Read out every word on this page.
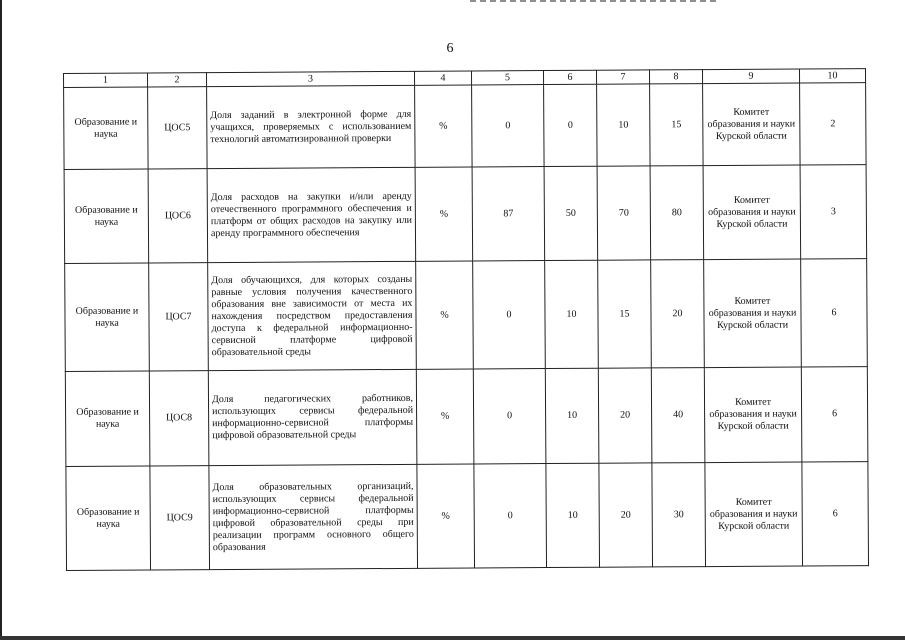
6
1	2	3	4	5	6	7	8	9	10
Образование и наука	ЦОС5	Доля заданий в электронной форме для учащихся, проверяемых с использованием технологий автоматизированной проверки	%	0	0	10	15	Комитет образования и науки Курской области	2
Образование и наука	ЦОС6	Доля расходов на закупки и/или аренду отечественного программного обеспечения и платформ от общих расходов на закупку или аренду программного обеспечения	%	87	50	70	80	Комитет образования и науки Курской области	3
Образование и наука	ЦОС7	Доля обучающихся, для которых созданы равные условия получения качественного образования вне зависимости от места их нахождения посредством предоставления доступа к федеральной информационно-сервисной платформе цифровой образовательной среды	%	0	10	15	20	Комитет образования и науки Курской области	6
Образование и наука	ЦОС8	Доля педагогических работников, использующих сервисы федеральной информационно-сервисной платформы цифровой образовательной среды	%	0	10	20	40	Комитет образования и науки Курской области	6
Образование и наука	ЦОС9	Доля образовательных организаций, использующих сервисы федеральной информационно-сервисной платформы цифровой образовательной среды при реализации программ основного общего образования	%	0	10	20	30	Комитет образования и науки Курской области	6
